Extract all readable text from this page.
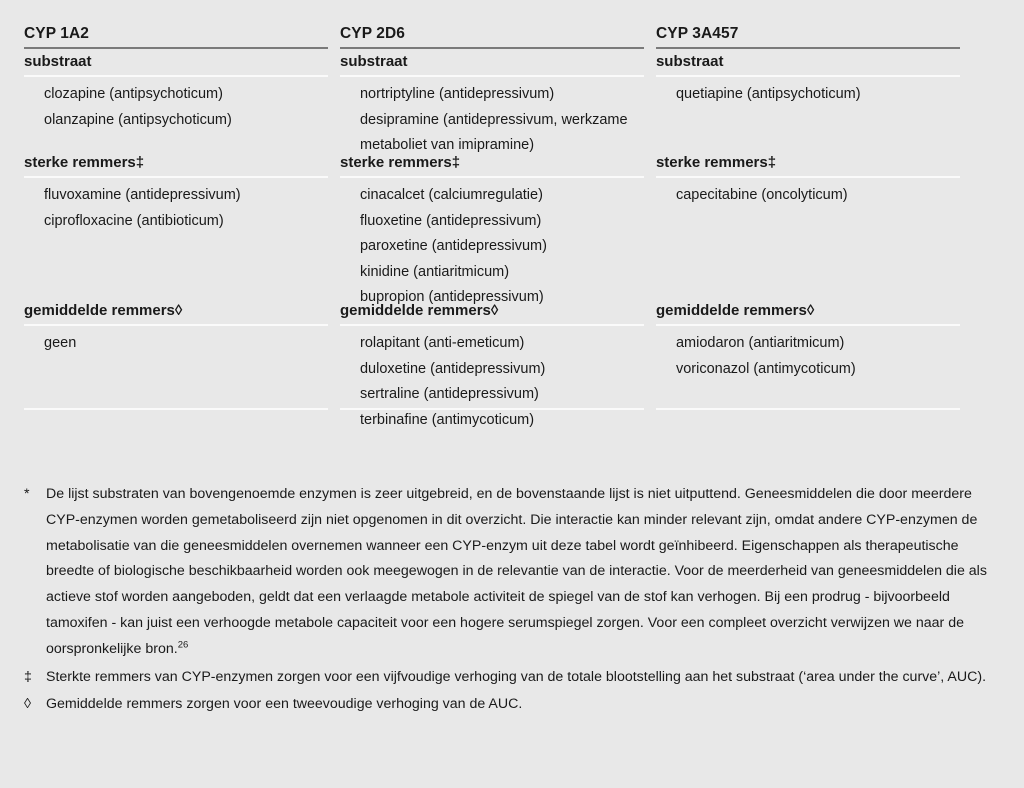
CYP 1A2
substraat
clozapine (antipsychoticum)
olanzapine (antipsychoticum)
sterke remmers‡
fluvoxamine (antidepressivum)
ciprofloxacine (antibioticum)
gemiddelde remmers◊
geen
CYP 2D6
substraat
nortriptyline (antidepressivum)
desipramine (antidepressivum, werkzame metaboliet van imipramine)
sterke remmers‡
cinacalcet (calciumregulatie)
fluoxetine (antidepressivum)
paroxetine (antidepressivum)
kinidine (antiaritmicum)
bupropion (antidepressivum)
gemiddelde remmers◊
rolapitant (anti-emeticum)
duloxetine (antidepressivum)
sertraline (antidepressivum)
terbinafine (antimycoticum)
CYP 3A457
substraat
quetiapine (antipsychoticum)
sterke remmers‡
capecitabine (oncolyticum)
gemiddelde remmers◊
amiodaron (antiaritmicum)
voriconazol (antimycoticum)
*	De lijst substraten van bovengenoemde enzymen is zeer uitgebreid, en de bovenstaande lijst is niet uitputtend. Geneesmiddelen die door meerdere CYP-enzymen worden gemetaboliseerd zijn niet opgenomen in dit overzicht. Die interactie kan minder relevant zijn, omdat andere CYP-enzymen de metabolisatie van die geneesmiddelen overnemen wanneer een CYP-enzym uit deze tabel wordt geïnhibeerd. Eigenschappen als therapeutische breedte of biologische beschikbaarheid worden ook meegewogen in de relevantie van de interactie. Voor de meerderheid van geneesmiddelen die als actieve stof worden aangeboden, geldt dat een verlaagde metabole activiteit de spiegel van de stof kan verhogen. Bij een prodrug - bijvoorbeeld tamoxifen - kan juist een verhoogde metabole capaciteit voor een hogere serumspiegel zorgen. Voor een compleet overzicht verwijzen we naar de oorspronkelijke bron.$^{26}$
‡ Sterkte remmers van CYP-enzymen zorgen voor een vijfvoudige verhoging van de totale blootstelling aan het substraat (‘area under the curve’, AUC).
◊	Gemiddelde remmers zorgen voor een tweevoudige verhoging van de AUC.
